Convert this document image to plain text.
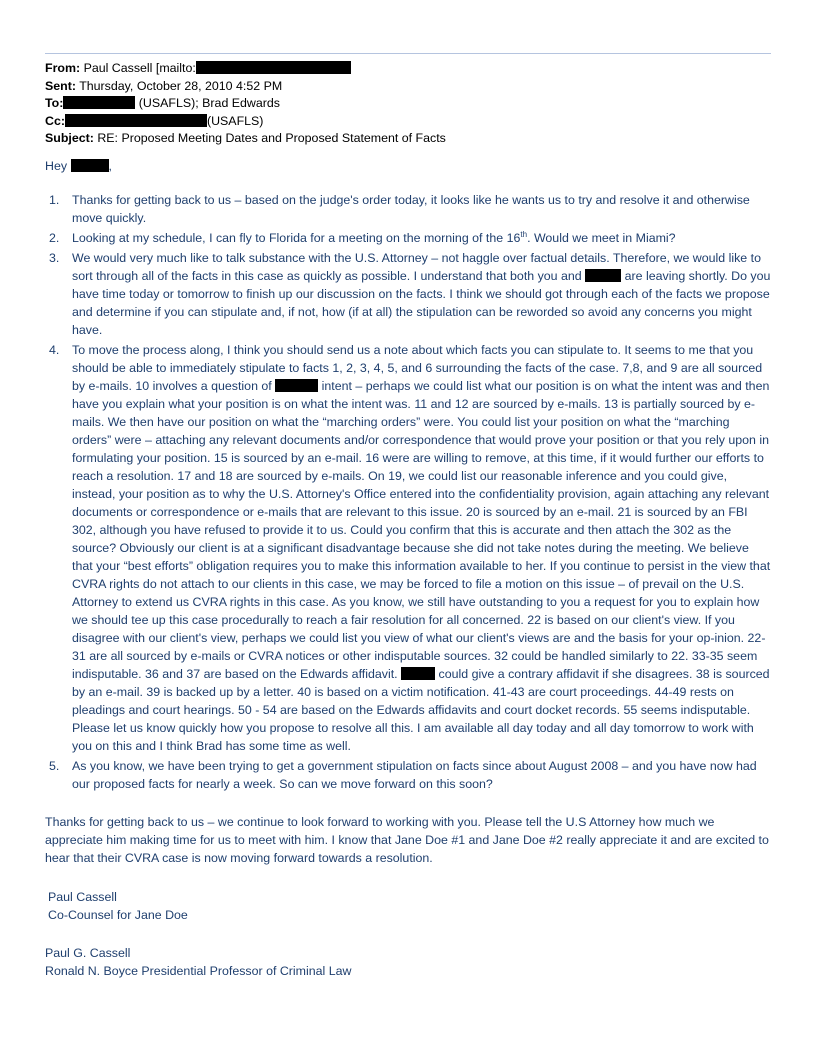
From: Paul Cassell [mailto:
Sent: Thursday, October 28, 2010 4:52 PM
To:	(USAFLS); Brad Edwards
Cc:	(USAFLS)
Subject: RE: Proposed Meeting Dates and Proposed Statement of Facts

Hey	,

1. Thanks for getting back to us – based on the judge's order today, it looks like he wants us to try and resolve it and otherwise move quickly.
2. Looking at my schedule, I can fly to Florida for a meeting on the morning of the 16th. Would we meet in Miami?
3. We would very much like to talk substance with the U.S. Attorney – not haggle over factual details. Therefore, we would like to sort through all of the facts in this case as quickly as possible. I understand that both you and	are leaving shortly. Do you have time today or tomorrow to finish up our discussion on the facts. I think we should got through each of the facts we propose and determine if you can stipulate and, if not, how (if at all) the stipulation can be reworded so avoid any concerns you might have.
4. To move the process along, I think you should send us a note about which facts you can stipulate to. It seems to me that you should be able to immediately stipulate to facts 1, 2, 3, 4, 5, and 6 surrounding the facts of the case. 7,8, and 9 are all sourced by e-mails. 10 involves a question of	intent – perhaps we could list what our position is on what the intent was and then have you explain what your position is on what the intent was. 11 and 12 are sourced by e-mails. 13 is partially sourced by e-mails. We then have our position on what the “marching orders” were. You could list your position on what the “marching orders” were – attaching any relevant documents and/or correspondence that would prove your position or that you rely upon in formulating your position. 15 is sourced by an e-mail. 16 were are willing to remove, at this time, if it would further our efforts to reach a resolution. 17 and 18 are sourced by e-mails. On 19, we could list our reasonable inference and you could give, instead, your position as to why the U.S. Attorney's Office entered into the confidentiality provision, again attaching any relevant documents or correspondence or e-mails that are relevant to this issue. 20 is sourced by an e-mail. 21 is sourced by an FBI 302, although you have refused to provide it to us. Could you confirm that this is accurate and then attach the 302 as the source? Obviously our client is at a significant disadvantage because she did not take notes during the meeting. We believe that your “best efforts” obligation requires you to make this information available to her. If you continue to persist in the view that CVRA rights do not attach to our clients in this case, we may be forced to file a motion on this issue – of prevail on the U.S. Attorney to extend us CVRA rights in this case. As you know, we still have outstanding to you a request for you to explain how we should tee up this case procedurally to reach a fair resolution for all concerned. 22 is based on our client's view. If you disagree with our client's view, perhaps we could list you view of what our client's views are and the basis for your op-inion. 22-31 are all sourced by e-mails or CVRA notices or other indisputable sources. 32 could be handled similarly to 22. 33-35 seem indisputable. 36 and 37 are based on the Edwards affidavit.	could give a contrary affidavit if she disagrees. 38 is sourced by an e-mail. 39 is backed up by a letter. 40 is based on a victim notification. 41-43 are court proceedings. 44-49 rests on pleadings and court hearings. 50 - 54 are based on the Edwards affidavits and court docket records. 55 seems indisputable. Please let us know quickly how you propose to resolve all this. I am available all day today and all day tomorrow to work with you on this and I think Brad has some time as well.
5. As you know, we have been trying to get a government stipulation on facts since about August 2008 – and you have now had our proposed facts for nearly a week. So can we move forward on this soon?

Thanks for getting back to us – we continue to look forward to working with you. Please tell the U.S Attorney how much we appreciate him making time for us to meet with him. I know that Jane Doe #1 and Jane Doe #2 really appreciate it and are excited to hear that their CVRA case is now moving forward towards a resolution.

Paul Cassell
Co-Counsel for Jane Doe
Paul G. Cassell
Ronald N. Boyce Presidential Professor of Criminal Law
